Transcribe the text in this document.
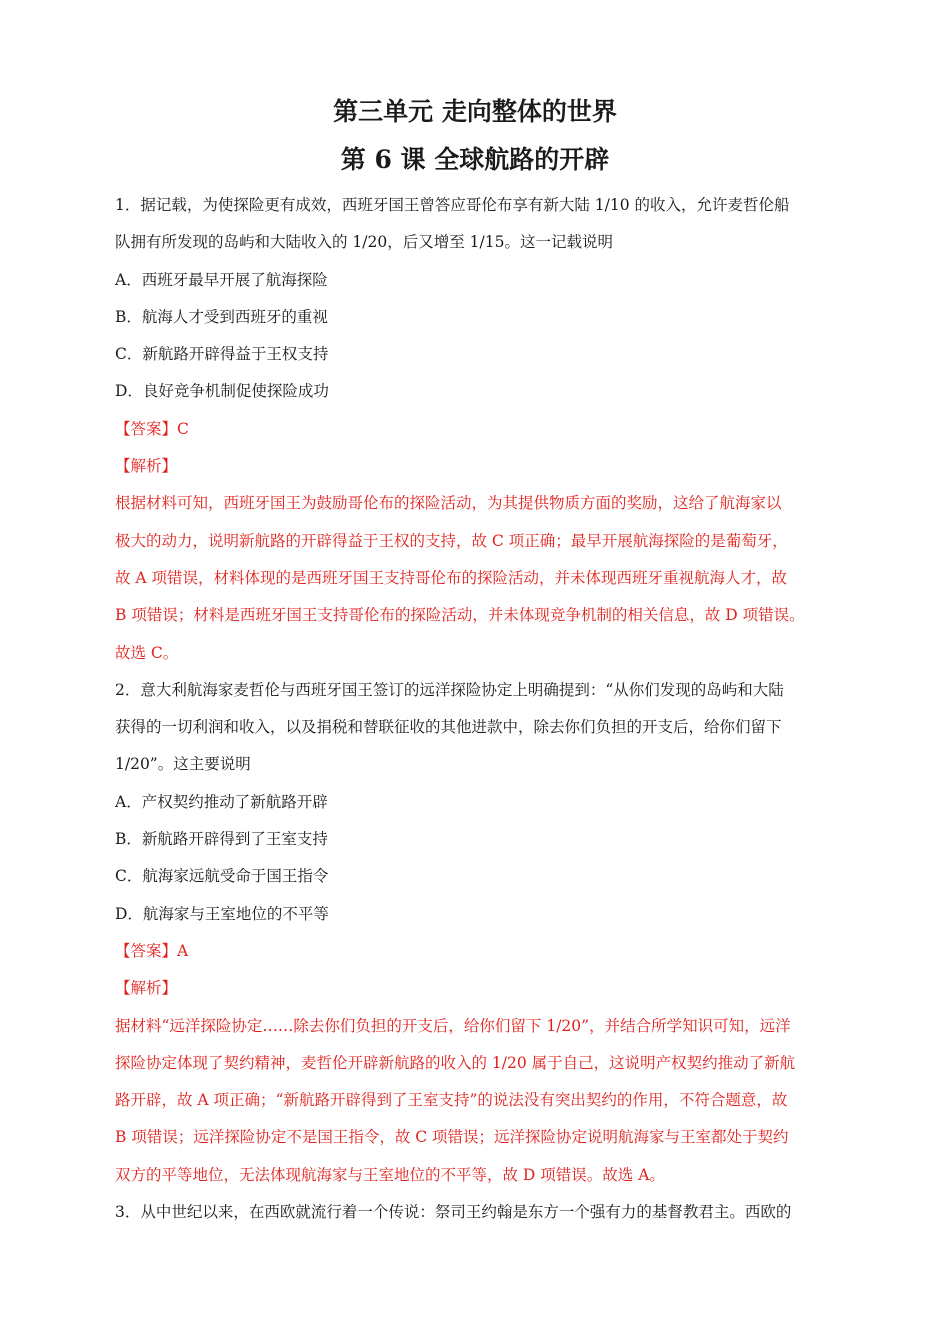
第三单元 走向整体的世界
第 6 课 全球航路的开辟
1．据记载，为使探险更有成效，西班牙国王曾答应哥伦布享有新大陆 1/10 的收入，允许麦哲伦船
队拥有所发现的岛屿和大陆收入的 1/20，后又增至 1/15。这一记载说明
A．西班牙最早开展了航海探险
B．航海人才受到西班牙的重视
C．新航路开辟得益于王权支持
D．良好竞争机制促使探险成功
【答案】C
【解析】
根据材料可知，西班牙国王为鼓励哥伦布的探险活动，为其提供物质方面的奖励，这给了航海家以
极大的动力，说明新航路的开辟得益于王权的支持，故 C 项正确；最早开展航海探险的是葡萄牙，
故 A 项错误，材料体现的是西班牙国王支持哥伦布的探险活动，并未体现西班牙重视航海人才，故
B 项错误；材料是西班牙国王支持哥伦布的探险活动，并未体现竞争机制的相关信息，故 D 项错误。
故选 C。
2．意大利航海家麦哲伦与西班牙国王签订的远洋探险协定上明确提到：“从你们发现的岛屿和大陆
获得的一切利润和收入，以及捐税和替联征收的其他进款中，除去你们负担的开支后，给你们留下
1/20”。这主要说明
A．产权契约推动了新航路开辟
B．新航路开辟得到了王室支持
C．航海家远航受命于国王指令
D．航海家与王室地位的不平等
【答案】A
【解析】
据材料“远洋探险协定……除去你们负担的开支后，给你们留下 1/20”，并结合所学知识可知，远洋
探险协定体现了契约精神，麦哲伦开辟新航路的收入的 1/20 属于自己，这说明产权契约推动了新航
路开辟，故 A 项正确；“新航路开辟得到了王室支持”的说法没有突出契约的作用，不符合题意，故
B 项错误；远洋探险协定不是国王指令，故 C 项错误；远洋探险协定说明航海家与王室都处于契约
双方的平等地位，无法体现航海家与王室地位的不平等，故 D 项错误。故选 A。
3．从中世纪以来，在西欧就流行着一个传说：祭司王约翰是东方一个强有力的基督教君主。西欧的
